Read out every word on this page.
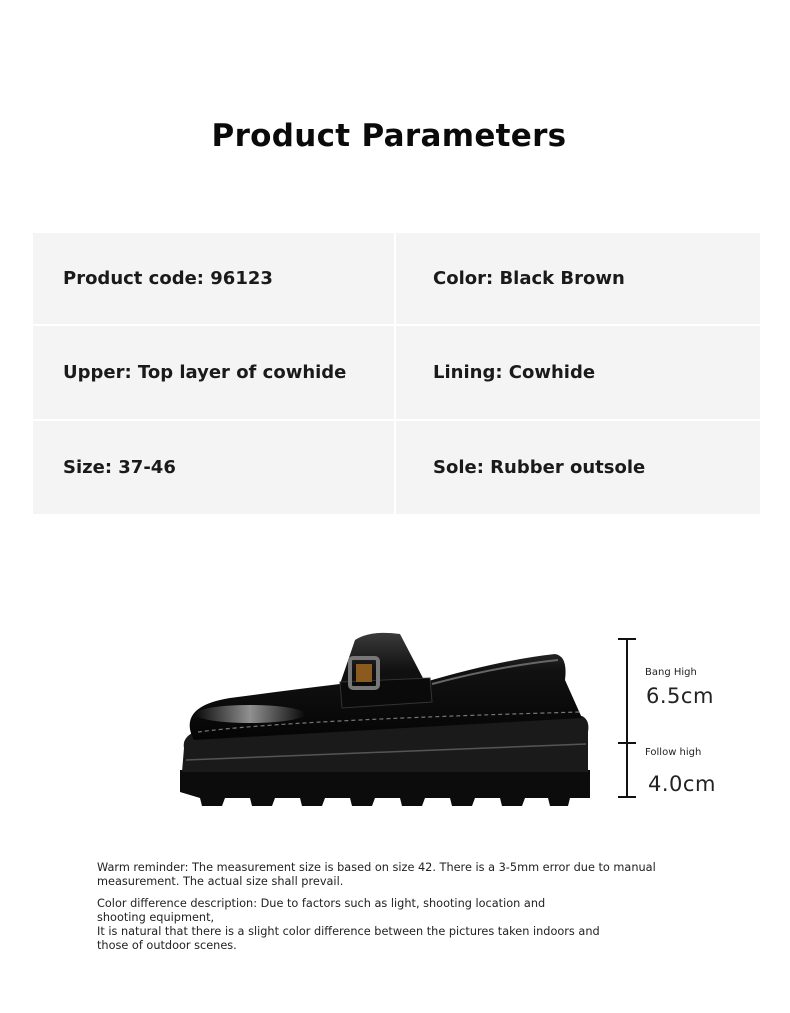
Product Parameters
Product code: 96123	Color: Black Brown
Upper: Top layer of cowhide	Lining: Cowhide
Size: 37-46	Sole: Rubber outsole
Bang High
6.5cm
Follow high
4.0cm

Warm reminder: The measurement size is based on size 42. There is a 3-5mm error due to manual

measurement. The actual size shall prevail.

Color difference description: Due to factors such as light, shooting location and

shooting equipment,

It is natural that there is a slight color difference between the pictures taken indoors and

those of outdoor scenes.
